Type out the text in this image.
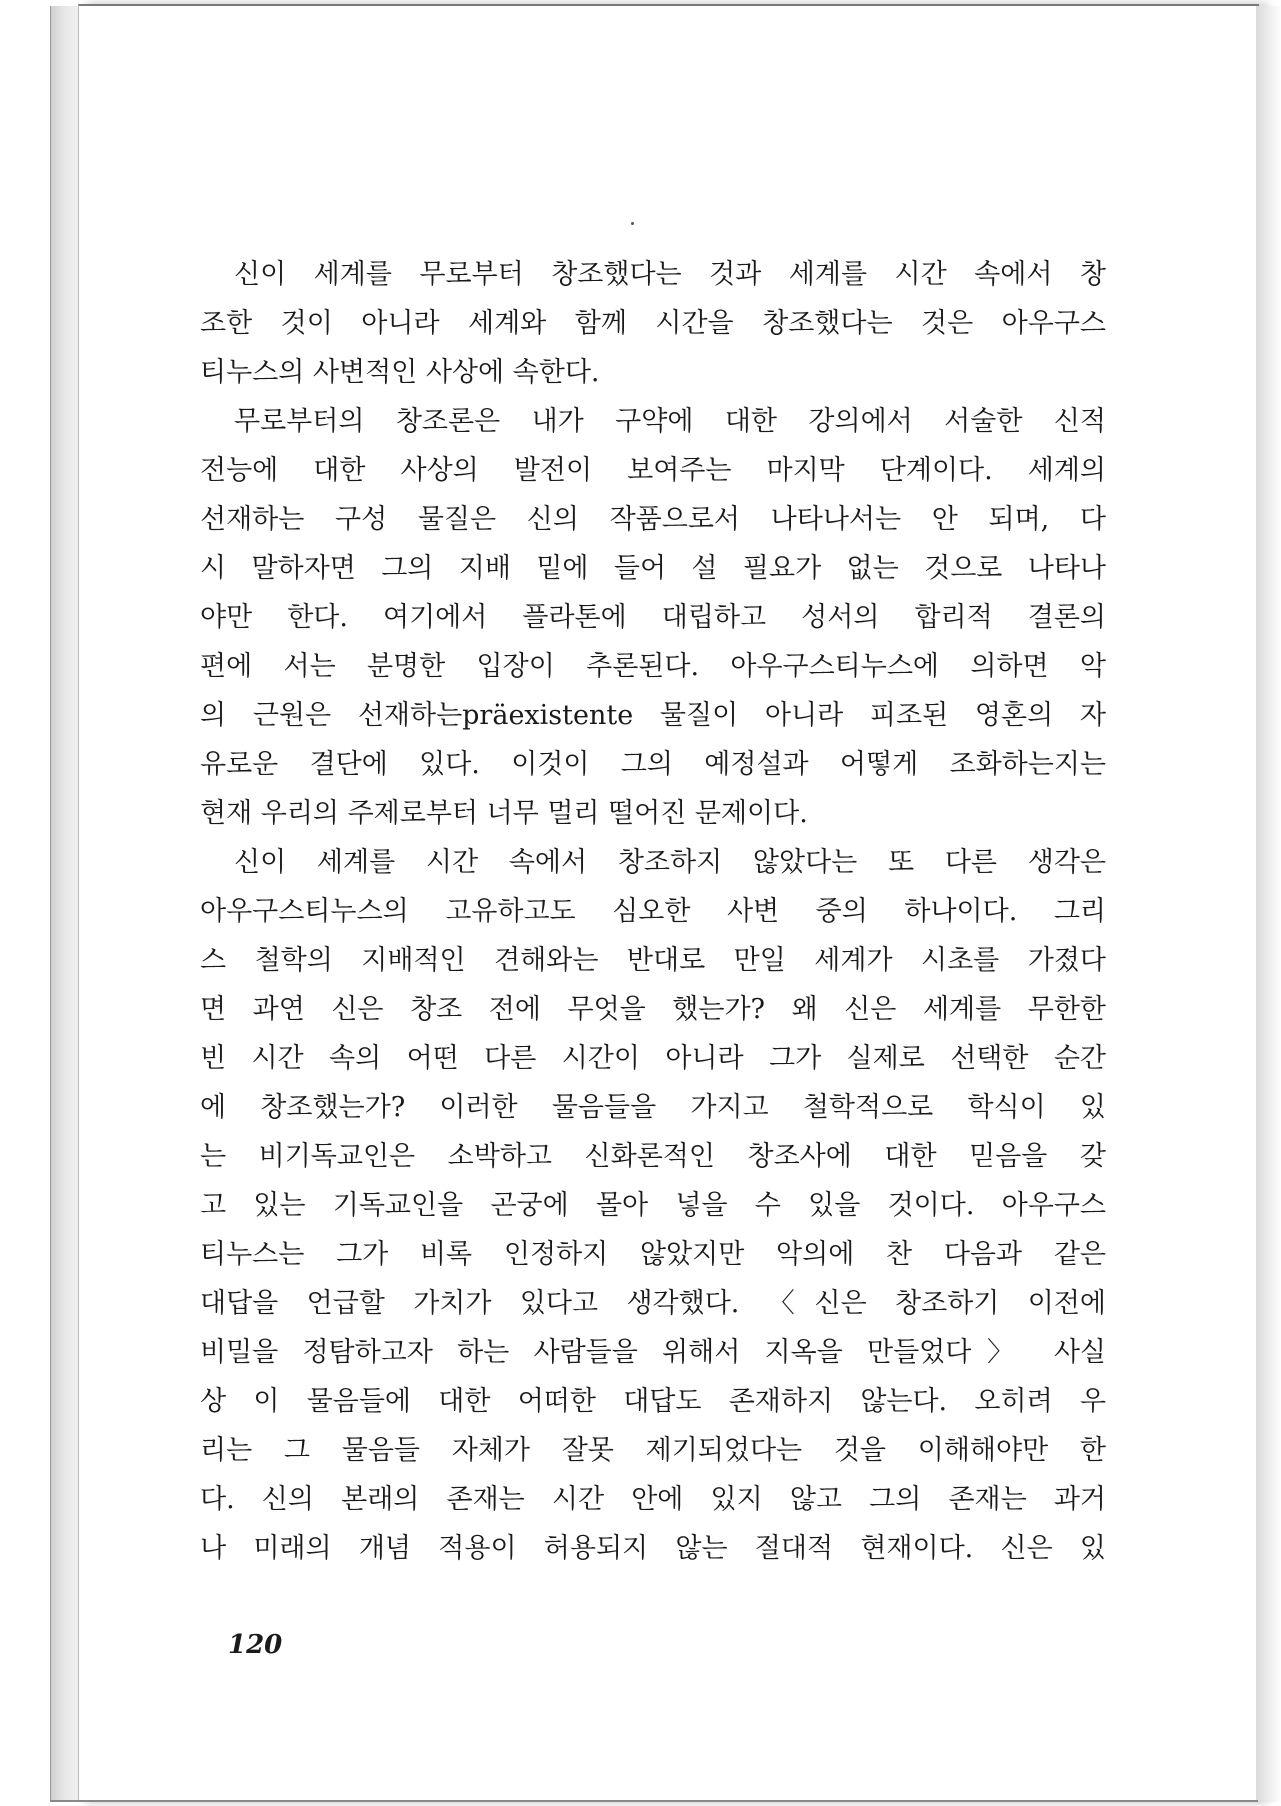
신이 세계를 무로부터 창조했다는 것과 세계를 시간 속에서 창
조한 것이 아니라 세계와 함께 시간을 창조했다는 것은 아우구스
티누스의 사변적인 사상에 속한다.
무로부터의 창조론은 내가 구약에 대한 강의에서 서술한 신적
전능에 대한 사상의 발전이 보여주는 마지막 단계이다. 세계의
선재하는 구성 물질은 신의 작품으로서 나타나서는 안 되며, 다
시 말하자면 그의 지배 밑에 들어 설 필요가 없는 것으로 나타나
야만 한다. 여기에서 플라톤에 대립하고 성서의 합리적 결론의
편에 서는 분명한 입장이 추론된다. 아우구스티누스에 의하면 악
의 근원은 선재하는präexistente 물질이 아니라 피조된 영혼의 자
유로운 결단에 있다. 이것이 그의 예정설과 어떻게 조화하는지는
현재 우리의 주제로부터 너무 멀리 떨어진 문제이다.
신이 세계를 시간 속에서 창조하지 않았다는 또 다른 생각은
아우구스티누스의 고유하고도 심오한 사변 중의 하나이다. 그리
스 철학의 지배적인 견해와는 반대로 만일 세계가 시초를 가졌다
면 과연 신은 창조 전에 무엇을 했는가? 왜 신은 세계를 무한한
빈 시간 속의 어떤 다른 시간이 아니라 그가 실제로 선택한 순간
에 창조했는가? 이러한 물음들을 가지고 철학적으로 학식이 있
는 비기독교인은 소박하고 신화론적인 창조사에 대한 믿음을 갖
고 있는 기독교인을 곤궁에 몰아 넣을 수 있을 것이다. 아우구스
티누스는 그가 비록 인정하지 않았지만 악의에 찬 다음과 같은
대답을 언급할 가치가 있다고 생각했다. 〈신은 창조하기 이전에
비밀을 정탐하고자 하는 사람들을 위해서 지옥을 만들었다〉 사실
상 이 물음들에 대한 어떠한 대답도 존재하지 않는다. 오히려 우
리는 그 물음들 자체가 잘못 제기되었다는 것을 이해해야만 한
다. 신의 본래의 존재는 시간 안에 있지 않고 그의 존재는 과거
나 미래의 개념 적용이 허용되지 않는 절대적 현재이다. 신은 있
120
